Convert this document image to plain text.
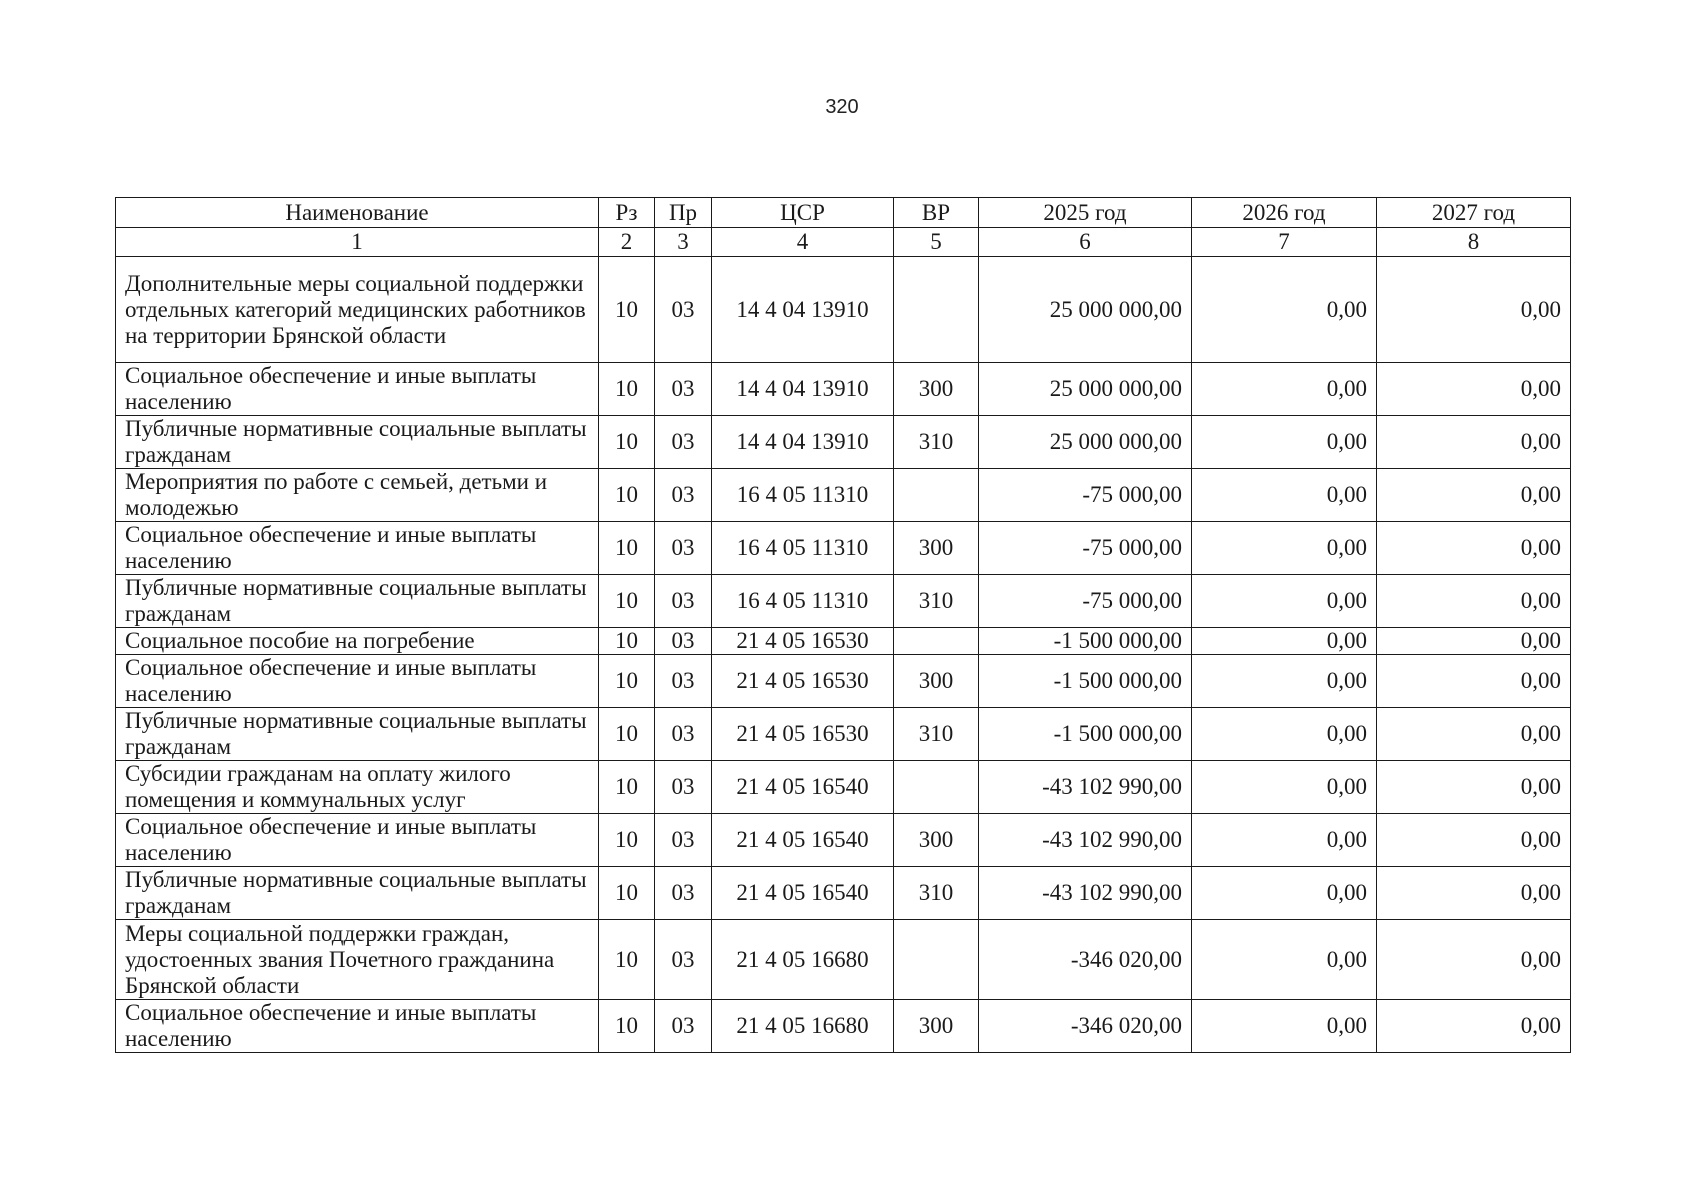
320
Наименование	Рз	Пр	ЦСР	ВР	2025 год	2026 год	2027 год
1	2	3	4	5	6	7	8
Дополнительные меры социальной поддержки отдельных категорий медицинских работников на территории Брянской области	10	03	14 4 04 13910		25 000 000,00	0,00	0,00
Социальное обеспечение и иные выплаты населению	10	03	14 4 04 13910	300	25 000 000,00	0,00	0,00
Публичные нормативные социальные выплаты гражданам	10	03	14 4 04 13910	310	25 000 000,00	0,00	0,00
Мероприятия по работе с семьей, детьми и молодежью	10	03	16 4 05 11310		-75 000,00	0,00	0,00
Социальное обеспечение и иные выплаты населению	10	03	16 4 05 11310	300	-75 000,00	0,00	0,00
Публичные нормативные социальные выплаты гражданам	10	03	16 4 05 11310	310	-75 000,00	0,00	0,00
Социальное пособие на погребение	10	03	21 4 05 16530		-1 500 000,00	0,00	0,00
Социальное обеспечение и иные выплаты населению	10	03	21 4 05 16530	300	-1 500 000,00	0,00	0,00
Публичные нормативные социальные выплаты гражданам	10	03	21 4 05 16530	310	-1 500 000,00	0,00	0,00
Субсидии гражданам на оплату жилого помещения и коммунальных услуг	10	03	21 4 05 16540		-43 102 990,00	0,00	0,00
Социальное обеспечение и иные выплаты населению	10	03	21 4 05 16540	300	-43 102 990,00	0,00	0,00
Публичные нормативные социальные выплаты гражданам	10	03	21 4 05 16540	310	-43 102 990,00	0,00	0,00
Меры социальной поддержки граждан, удостоенных звания Почетного гражданина Брянской области	10	03	21 4 05 16680		-346 020,00	0,00	0,00
Социальное обеспечение и иные выплаты населению	10	03	21 4 05 16680	300	-346 020,00	0,00	0,00
